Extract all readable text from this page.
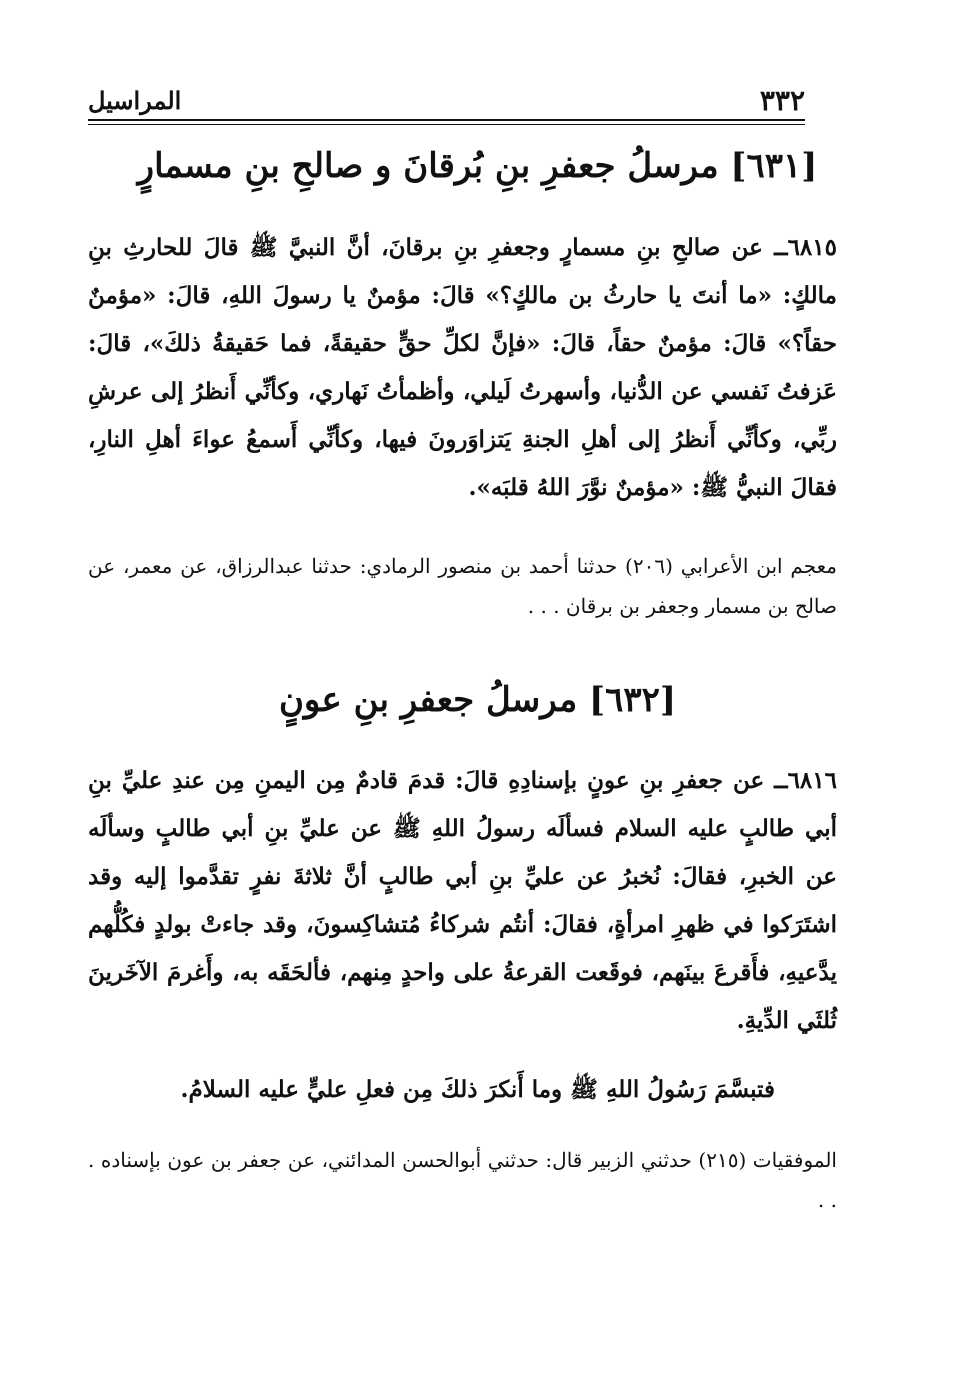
٣٣٢
المراسيل
[٦٣١] مرسلُ جعفرِ بنِ بُرقانَ و صالحِ بنِ مسمارٍ
٦٨١٥ــ عن صالحِ بنِ مسمارٍ وجعفرِ بنِ برقانَ، أنَّ النبيَّ ﷺ قالَ للحارثِ بنِ مالكٍ: «ما أنتَ يا حارثُ بن مالكٍ؟» قالَ: مؤمنٌ يا رسولَ اللهِ، قالَ: «مؤمنٌ حقاً؟» قالَ: مؤمنٌ حقاً، قالَ: «فإنَّ لكلِّ حقٍّ حقيقةً، فما حَقيقةُ ذلكَ»، قالَ: عَزفتُ نَفسي عن الدُّنيا، وأسهرتُ لَيلي، وأظمأتُ نَهاري، وكأنِّي أَنظرُ إلى عرشِ ربِّي، وكأنِّي أَنظرُ إلى أهلِ الجنةِ يَتزاوَرونَ فيها، وكأنِّي أَسمعُ عواءَ أهلِ النارِ، فقالَ النبيُّ ﷺ: «مؤمنٌ نوَّرَ اللهُ قلبَه».
معجم ابن الأعرابي (٢٠٦) حدثنا أحمد بن منصور الرمادي: حدثنا عبدالرزاق، عن معمر، عن صالح بن مسمار وجعفر بن برقان . . .
[٦٣٢] مرسلُ جعفرِ بنِ عونٍ
٦٨١٦ــ عن جعفرِ بنِ عونٍ بإسنادِهِ قالَ: قدمَ قادمٌ مِن اليمنِ مِن عندِ عليِّ بنِ أبي طالبٍ عليه السلام فسألَه رسولُ اللهِ ﷺ عن عليِّ بنِ أبي طالبٍ وسألَه عن الخبرِ، فقالَ: نُخبرُ عن عليِّ بنِ أبي طالبٍ أنَّ ثلاثةَ نفرٍ تقدَّموا إليه وقد اشتَرَكوا في ظهرِ امرأةٍ، فقالَ: أنتُم شركاءُ مُتشاكِسونَ، وقد جاءتْ بولدٍ فكُلُّهم يدَّعيهِ، فأَقرعَ بينَهم، فوقَعت القرعةُ على واحدٍ مِنهم، فألحَقَه به، وأَغرمَ الآخَرينَ ثُلثَي الدِّيةِ.
فتبسَّمَ رَسُولُ اللهِ ﷺ وما أَنكرَ ذلكَ مِن فعلِ عليٍّ عليه السلامُ.
الموفقيات (٢١٥) حدثني الزبير قال: حدثني أبوالحسن المدائني، عن جعفر بن عون بإسناده . . .
